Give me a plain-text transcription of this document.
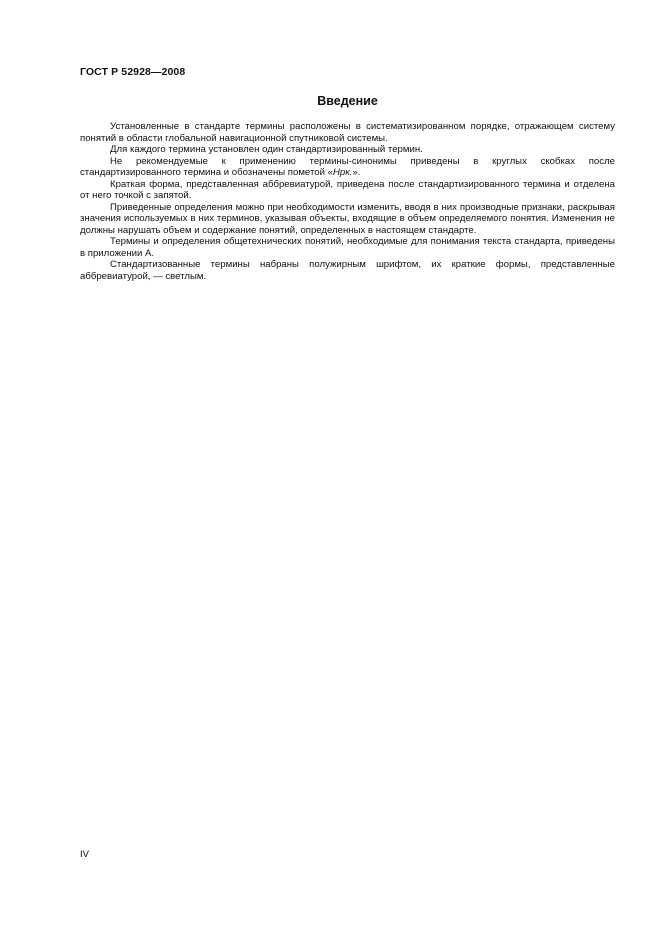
ГОСТ Р 52928—2008
Введение

Установленные в стандарте термины расположены в систематизированном порядке, отражающем систему понятий в области глобальной навигационной спутниковой системы.

Для каждого термина установлен один стандартизированный термин.

Не рекомендуемые к применению термины-синонимы приведены в круглых скобках после стандартизированного термина и обозначены пометой «Нрк.».

Краткая форма, представленная аббревиатурой, приведена после стандартизированного термина и отделена от него точкой с запятой.

Приведенные определения можно при необходимости изменить, вводя в них производные признаки, раскрывая значения используемых в них терминов, указывая объекты, входящие в объем определяемого понятия. Изменения не должны нарушать объем и содержание понятий, определенных в настоящем стандарте.

Термины и определения общетехнических понятий, необходимые для понимания текста стандарта, приведены в приложении А.

Стандартизованные термины набраны полужирным шрифтом, их краткие формы, представленные аббревиатурой, — светлым.

IV
